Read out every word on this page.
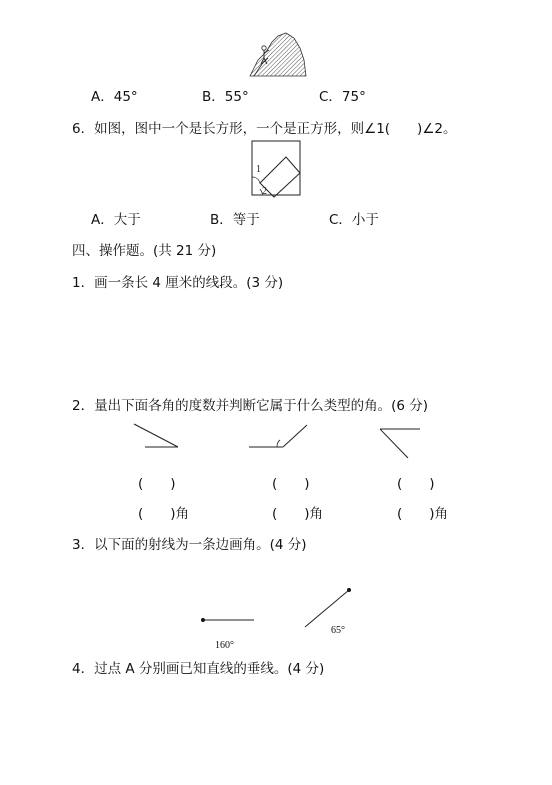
A．45°	B．55°	C．75°
6．如图，图中一个是长方形，一个是正方形，则∠1(　　)∠2。
1
2
A．大于	B．等于	C．小于
四、操作题。(共 21 分)
1．画一条长 4 厘米的线段。(3 分)
2．量出下面各角的度数并判断它属于什么类型的角。(6 分)
(　　)	(　　)	(　　)
(　　)角	(　　)角	(　　)角
3．以下面的射线为一条边画角。(4 分)
160°
65°
4．过点 A 分别画已知直线的垂线。(4 分)
